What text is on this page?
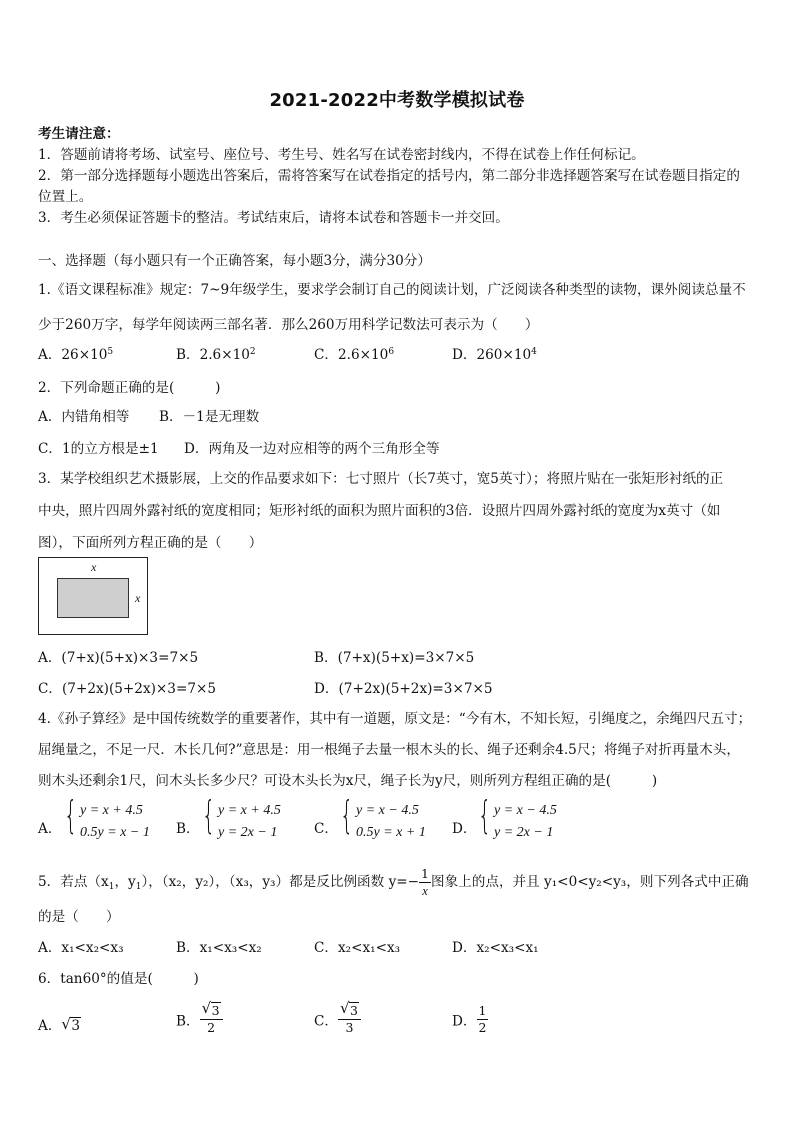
2021-2022中考数学模拟试卷
考生请注意：
1．答题前请将考场、试室号、座位号、考生号、姓名写在试卷密封线内，不得在试卷上作任何标记。
2．第一部分选择题每小题选出答案后，需将答案写在试卷指定的括号内，第二部分非选择题答案写在试卷题目指定的
位置上。
3．考生必须保证答题卡的整洁。考试结束后，请将本试卷和答题卡一并交回。
一、选择题（每小题只有一个正确答案，每小题3分，满分30分）
1.《语文课程标准》规定：7~9年级学生，要求学会制订自己的阅读计划，广泛阅读各种类型的读物，课外阅读总量不
少于260万字，每学年阅读两三部名著．那么260万用科学记数法可表示为（　　）
A．$26\times 10^5$	B．$2.6\times 10^2$	C．$2.6\times 10^6$	D．$260\times 10^4$
2．下列命题正确的是(　　　)
A．内错角相等 B．－1是无理数
C．1的立方根是±1 D．两角及一边对应相等的两个三角形全等
3．某学校组织艺术摄影展，上交的作品要求如下：七寸照片（长7英寸，宽5英寸）；将照片贴在一张矩形衬纸的正
中央，照片四周外露衬纸的宽度相同；矩形衬纸的面积为照片面积的3倍．设照片四周外露衬纸的宽度为x英寸（如
图），下面所列方程正确的是（　　）
x
x
A．(7+x)(5+x)×3=7×5	B．(7+x)(5+x)=3×7×5
C．(7+2x)(5+2x)×3=7×5	D．(7+2x)(5+2x)=3×7×5
4.《孙子算经》是中国传统数学的重要著作，其中有一道题，原文是：“今有木，不知长短，引绳度之，余绳四尺五寸；
屈绳量之，不足一尺．木长几何?”意思是：用一根绳子去量一根木头的长、绳子还剩余4.5尺；将绳子对折再量木头，
则木头还剩余1尺，问木头长多少尺？可设木头长为x尺，绳子长为y尺，则所列方程组正确的是(　　　)
A． { y = x + 4.5
0.5y = x − 1 B． { y = x + 4.5
y = 2x − 1	C． { y = x − 4.5
0.5y = x + 1 D． { y = x − 4.5
y = 2x − 1
5．若点（$x_1$，$y_1$），（x₂，y₂），（x₃，y₃）都是反比例函数 $y=- \frac{1}{x}$ 图象上的点，并且 y₁<0<y₂<y₃，则下列各式中正确
的是（　　）
A．x₁<x₂<x₃	B．x₁<x₃<x₂	C．x₂<x₁<x₃	D．x₂<x₃<x₁
6．tan60°的值是(　　　)
A． √ 3	B． $\frac{√ 3}{2}$	C． $\frac{√ 3}{3}$	D． $\frac{1}{2}$
